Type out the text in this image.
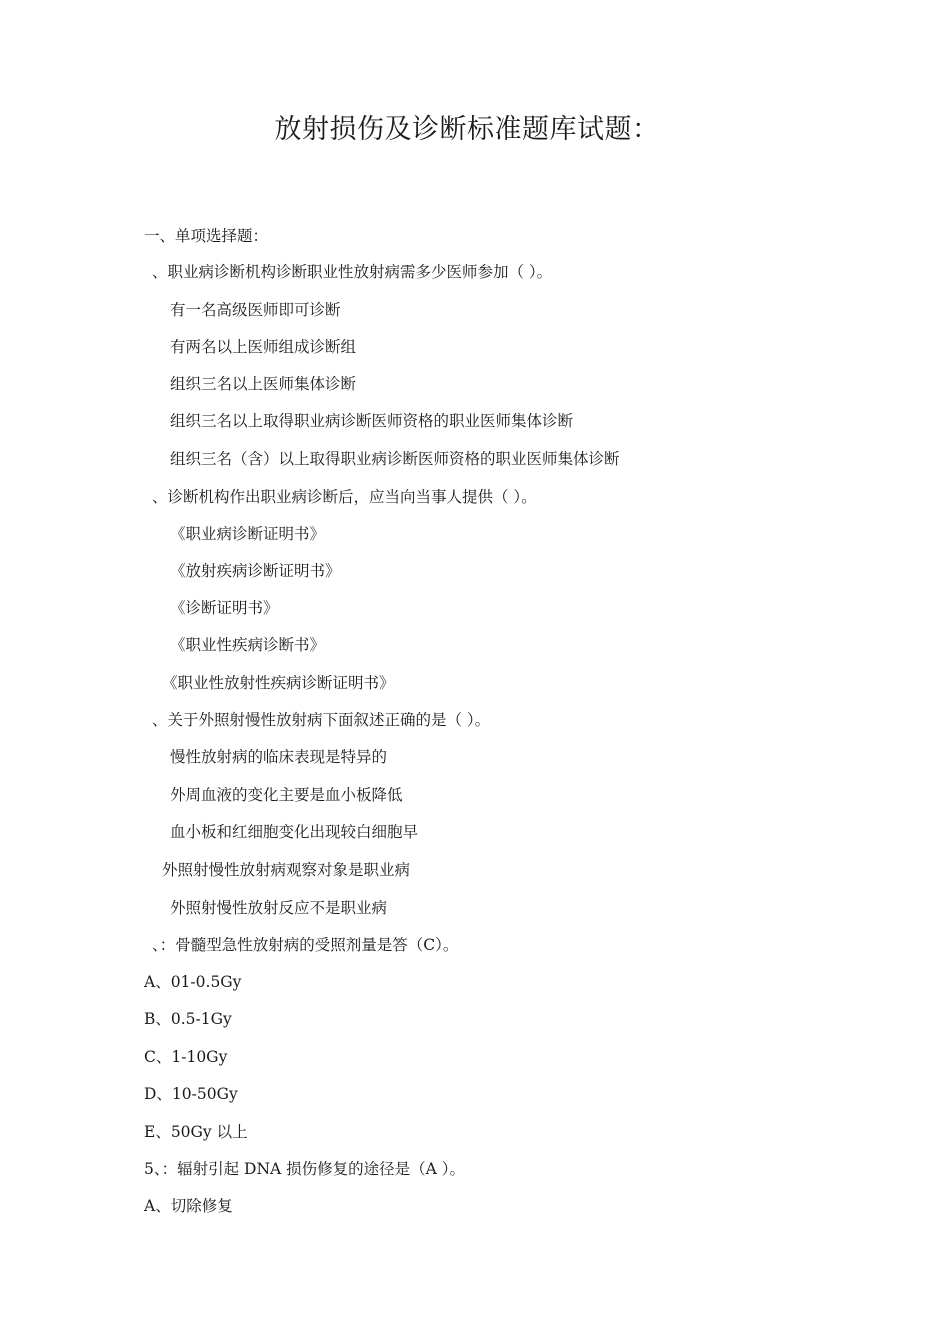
放射损伤及诊断标准题库试题：
一、单项选择题：
、职业病诊断机构诊断职业性放射病需多少医师参加（ ）。
有一名高级医师即可诊断
有两名以上医师组成诊断组
组织三名以上医师集体诊断
组织三名以上取得职业病诊断医师资格的职业医师集体诊断
组织三名（含）以上取得职业病诊断医师资格的职业医师集体诊断
、诊断机构作出职业病诊断后，应当向当事人提供（ ）。
《职业病诊断证明书》
《放射疾病诊断证明书》
《诊断证明书》
《职业性疾病诊断书》
《职业性放射性疾病诊断证明书》
、关于外照射慢性放射病下面叙述正确的是（ ）。
慢性放射病的临床表现是特异的
外周血液的变化主要是血小板降低
血小板和红细胞变化出现较白细胞早
外照射慢性放射病观察对象是职业病
外照射慢性放射反应不是职业病
、：骨髓型急性放射病的受照剂量是答（C）。
A、01-0.5Gy
B、0.5-1Gy
C、1-10Gy
D、10-50Gy
E、50Gy 以上
5、：辐射引起 DNA 损伤修复的途径是（A ）。
A、切除修复
